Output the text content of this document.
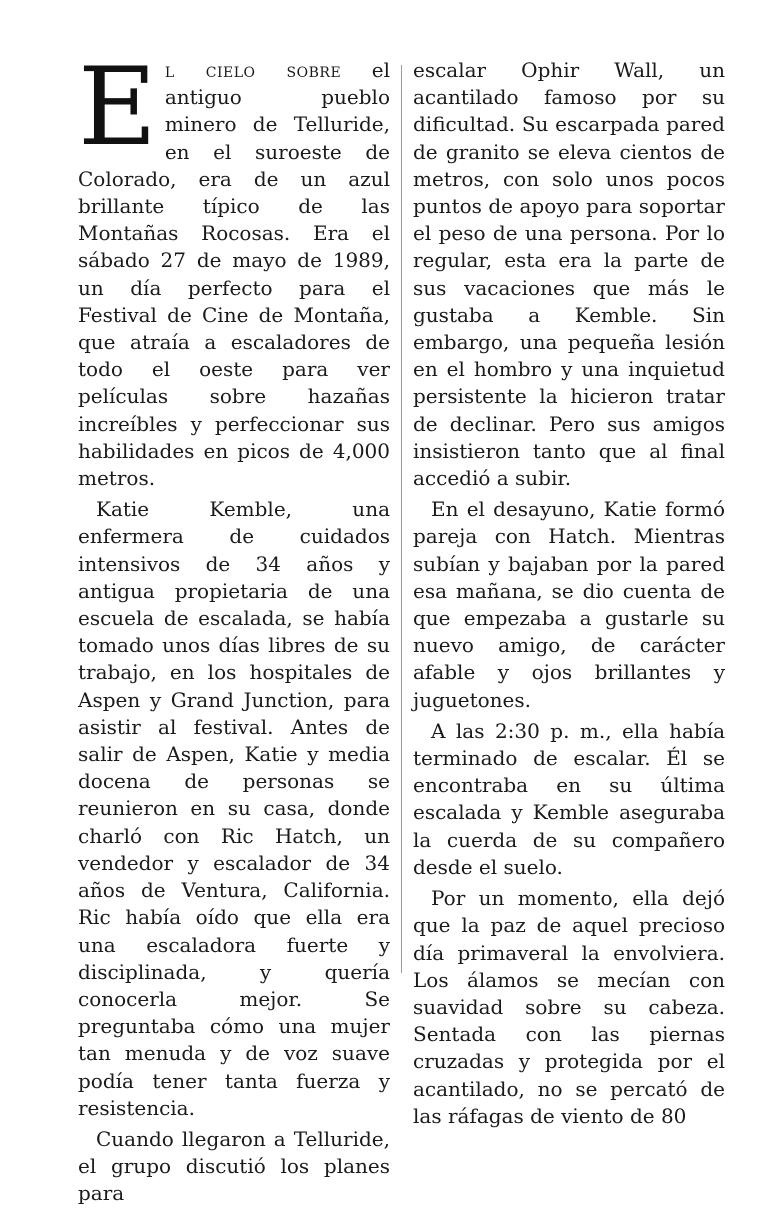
El cielo sobre el antiguo pueblo minero de Telluride, en el suroeste de Colorado, era de un azul brillante típico de las Montañas Rocosas. Era el sábado 27 de mayo de 1989, un día perfecto para el Festival de Cine de Montaña, que atraía a escaladores de todo el oeste para ver películas sobre hazañas increíbles y perfeccionar sus habilidades en picos de 4,000 metros.

Katie Kemble, una enfermera de cuidados intensivos de 34 años y antigua propietaria de una escuela de escalada, se había tomado unos días libres de su trabajo, en los hospitales de Aspen y Grand Junction, para asistir al festival. Antes de salir de Aspen, Katie y media docena de personas se reunieron en su casa, donde charló con Ric Hatch, un vendedor y escalador de 34 años de Ventura, California. Ric había oído que ella era una escaladora fuerte y disciplinada, y quería conocerla mejor. Se preguntaba cómo una mujer tan menuda y de voz suave podía tener tanta fuerza y resistencia.

Cuando llegaron a Telluride, el grupo discutió los planes para

escalar Ophir Wall, un acantilado famoso por su dificultad. Su escarpada pared de granito se eleva cientos de metros, con solo unos pocos puntos de apoyo para soportar el peso de una persona. Por lo regular, esta era la parte de sus vacaciones que más le gustaba a Kemble. Sin embargo, una pequeña lesión en el hombro y una inquietud persistente la hicieron tratar de declinar. Pero sus amigos insistieron tanto que al final accedió a subir.

En el desayuno, Katie formó pareja con Hatch. Mientras subían y bajaban por la pared esa mañana, se dio cuenta de que empezaba a gustarle su nuevo amigo, de carácter afable y ojos brillantes y juguetones.

A las 2:30 p. m., ella había terminado de escalar. Él se encontraba en su última escalada y Kemble aseguraba la cuerda de su compañero desde el suelo.

Por un momento, ella dejó que la paz de aquel precioso día primaveral la envolviera. Los álamos se mecían con suavidad sobre su cabeza. Sentada con las piernas cruzadas y protegida por el acantilado, no se percató de las ráfagas de viento de 80
